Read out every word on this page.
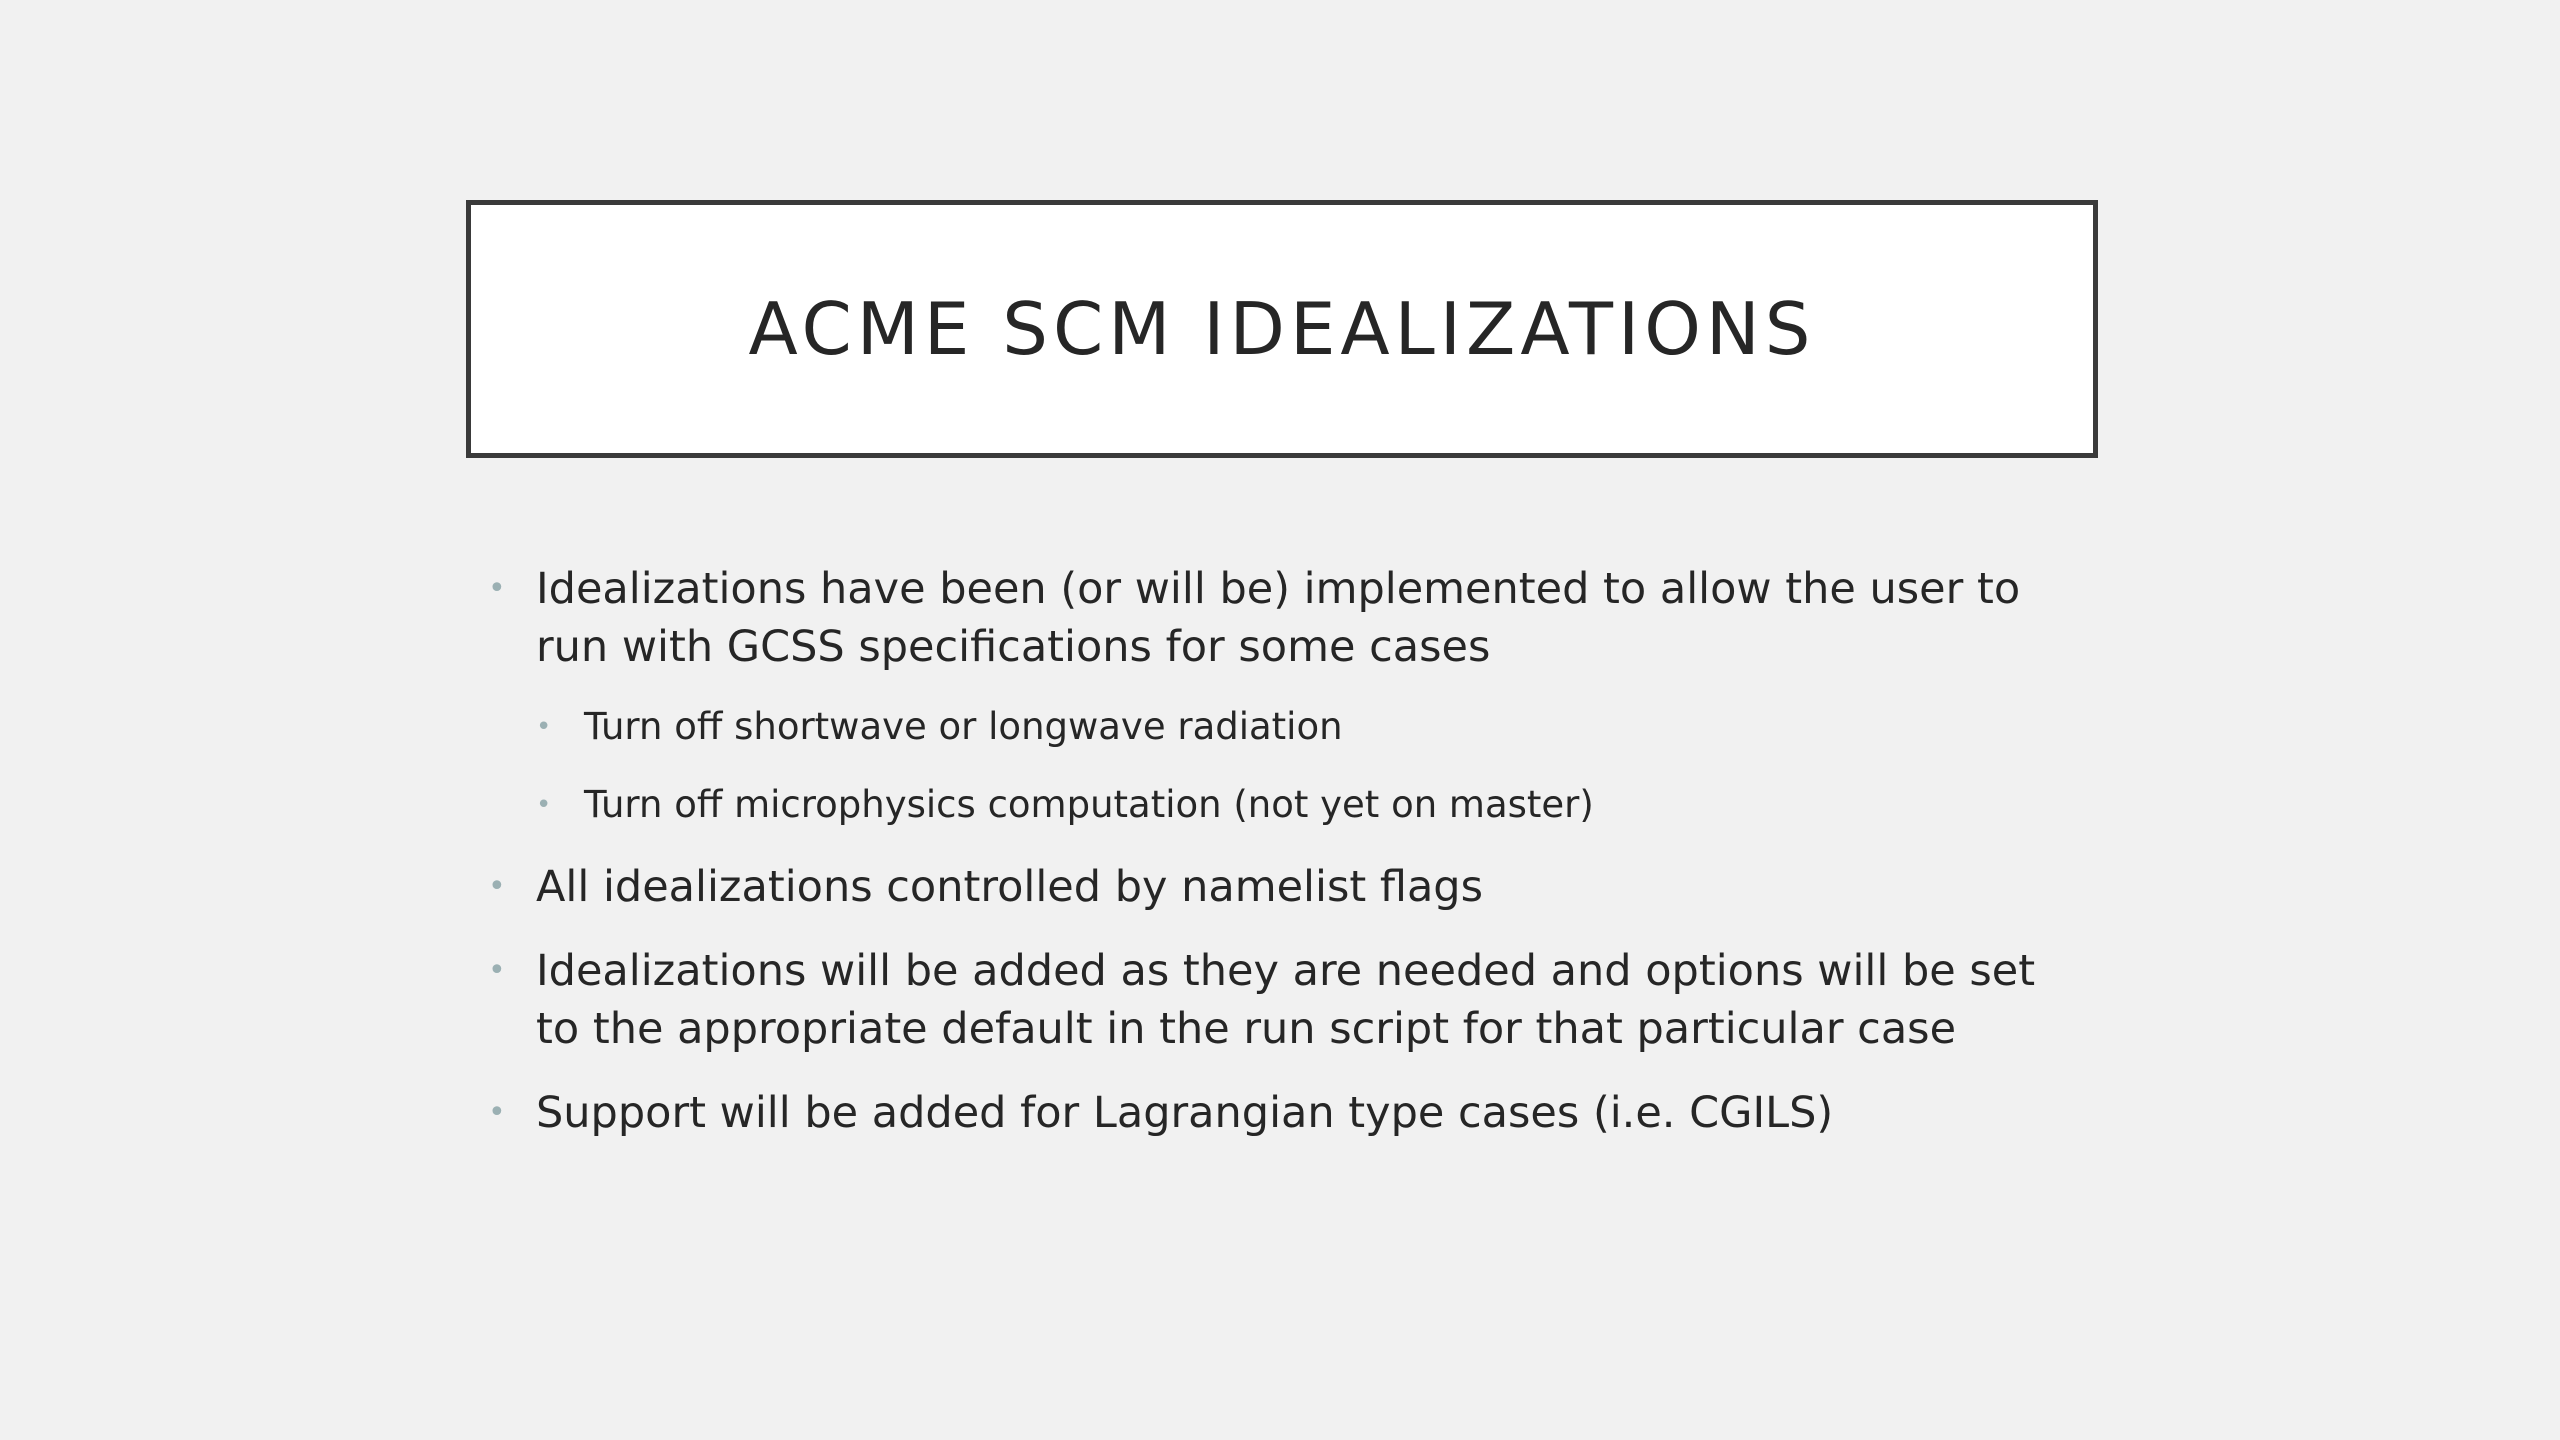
ACME SCM IDEALIZATIONS
• Idealizations have been (or will be) implemented to allow the user to run with GCSS specifications for some cases
• Turn off shortwave or longwave radiation
• Turn off microphysics computation (not yet on master)
• All idealizations controlled by namelist flags
• Idealizations will be added as they are needed and options will be set to the appropriate default in the run script for that particular case
• Support will be added for Lagrangian type cases (i.e. CGILS)
